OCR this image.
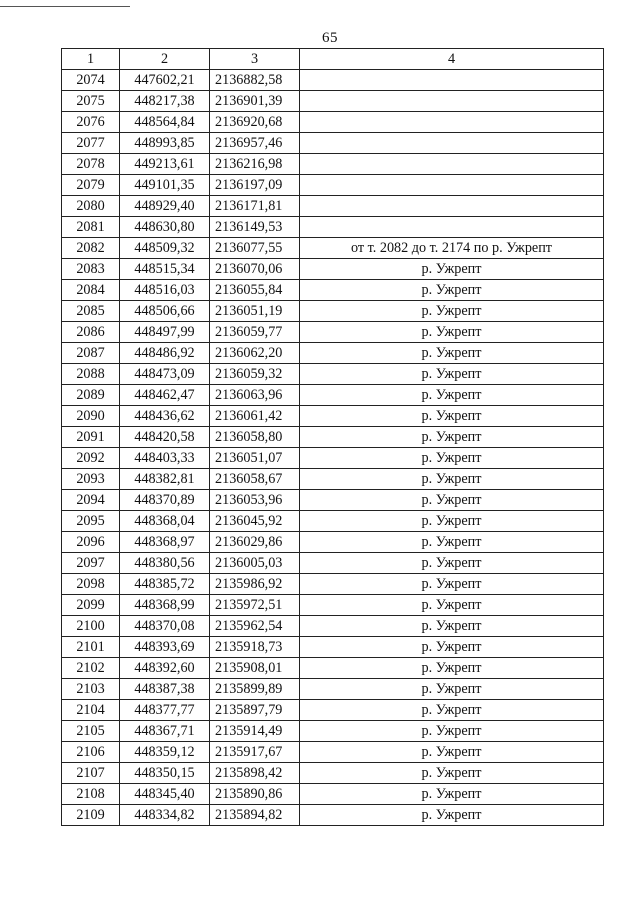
65
1	2	3	4
2074	447602,21	2136882,58	
2075	448217,38	2136901,39	
2076	448564,84	2136920,68	
2077	448993,85	2136957,46	
2078	449213,61	2136216,98	
2079	449101,35	2136197,09	
2080	448929,40	2136171,81	
2081	448630,80	2136149,53	
2082	448509,32	2136077,55	от т. 2082 до т. 2174 по р. Ужрепт
2083	448515,34	2136070,06	р. Ужрепт
2084	448516,03	2136055,84	р. Ужрепт
2085	448506,66	2136051,19	р. Ужрепт
2086	448497,99	2136059,77	р. Ужрепт
2087	448486,92	2136062,20	р. Ужрепт
2088	448473,09	2136059,32	р. Ужрепт
2089	448462,47	2136063,96	р. Ужрепт
2090	448436,62	2136061,42	р. Ужрепт
2091	448420,58	2136058,80	р. Ужрепт
2092	448403,33	2136051,07	р. Ужрепт
2093	448382,81	2136058,67	р. Ужрепт
2094	448370,89	2136053,96	р. Ужрепт
2095	448368,04	2136045,92	р. Ужрепт
2096	448368,97	2136029,86	р. Ужрепт
2097	448380,56	2136005,03	р. Ужрепт
2098	448385,72	2135986,92	р. Ужрепт
2099	448368,99	2135972,51	р. Ужрепт
2100	448370,08	2135962,54	р. Ужрепт
2101	448393,69	2135918,73	р. Ужрепт
2102	448392,60	2135908,01	р. Ужрепт
2103	448387,38	2135899,89	р. Ужрепт
2104	448377,77	2135897,79	р. Ужрепт
2105	448367,71	2135914,49	р. Ужрепт
2106	448359,12	2135917,67	р. Ужрепт
2107	448350,15	2135898,42	р. Ужрепт
2108	448345,40	2135890,86	р. Ужрепт
2109	448334,82	2135894,82	р. Ужрепт
